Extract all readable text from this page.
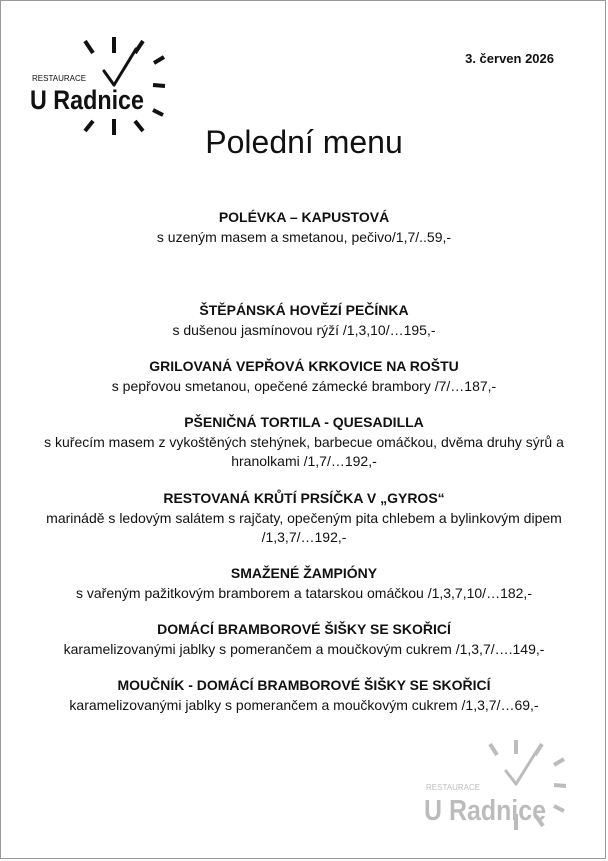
RESTAURACE
U Radnice
3. červen 2026
Polední menu
POLÉVKA – KAPUSTOVÁ
s uzeným masem a smetanou, pečivo/1,7/..59,-
ŠTĚPÁNSKÁ HOVĚZÍ PEČÍNKA
s dušenou jasmínovou rýží /1,3,10/…195,-
GRILOVANÁ VEPŘOVÁ KRKOVICE NA ROŠTU
s pepřovou smetanou, opečené zámecké brambory /7/…187,-
PŠENIČNÁ TORTILA - QUESADILLA
s kuřecím masem z vykoštěných stehýnek, barbecue omáčkou, dvěma druhy sýrů a hranolkami /1,7/…192,-
RESTOVANÁ KRŮTÍ PRSÍČKA V „GYROS“
marinádě s ledovým salátem s rajčaty, opečeným pita chlebem a bylinkovým dipem /1,3,7/…192,-
SMAŽENÉ ŽAMPIÓNY
s vařeným pažitkovým bramborem a tatarskou omáčkou /1,3,7,10/…182,-
DOMÁCÍ BRAMBOROVÉ ŠIŠKY SE SKOŘICÍ
karamelizovanými jablky s pomerančem a moučkovým cukrem /1,3,7/….149,-
MOUČNÍK - DOMÁCÍ BRAMBOROVÉ ŠIŠKY SE SKOŘICÍ
karamelizovanými jablky s pomerančem a moučkovým cukrem /1,3,7/…69,-
RESTAURACE
U Radnice
